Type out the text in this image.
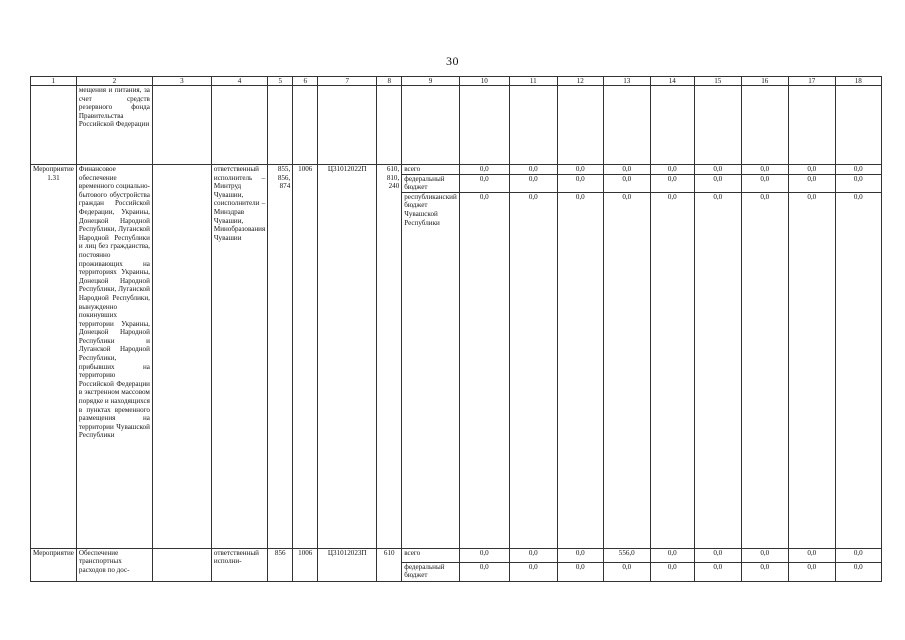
30
1	2	3	4	5	6	7	8	9	10	11	12	13	14	15	16	17	18
	мещения и питания, за счет средств резервного фонда Правительства Российской Федерации																
Мероприятие 1.31	Финансовое обеспечение временного социально-бытового обустройства граждан Российской Федерации, Украины, Донецкой Народной Республики, Луганской Народной Республики и лиц без гражданства, постоянно проживающих на территориях Украины, Донецкой Народной Республики, Луганской Народной Республики, вынужденно покинувших территории Украины, Донецкой Народной Республики и Луганской Народной Республики, прибывших на территорию Российской Федерации в экстренном массовом порядке и находящихся в пунктах временного размещения на территории Чувашской Республики		ответственный исполнитель – Минтруд Чувашии, соисполнители – Минздрав Чувашии, Минобразования Чувашии	855, 856, 874	1006	Ц31012022П	610, 810, 240	всего	0,0	0,0	0,0	0,0	0,0	0,0	0,0	0,0	0,0
								федеральный бюджет	0,0	0,0	0,0	0,0	0,0	0,0	0,0	0,0	0,0
								республиканский бюджет Чувашской Республики	0,0	0,0	0,0	0,0	0,0	0,0	0,0	0,0	0,0

Мероприятие	Обеспечение транспортных расходов по дос-		ответственный исполни-	856	1006	Ц31012023П	610	всего	0,0	0,0	0,0	556,0	0,0	0,0	0,0	0,0	0,0
								федеральный бюджет	0,0	0,0	0,0	0,0	0,0	0,0	0,0	0,0	0,0
